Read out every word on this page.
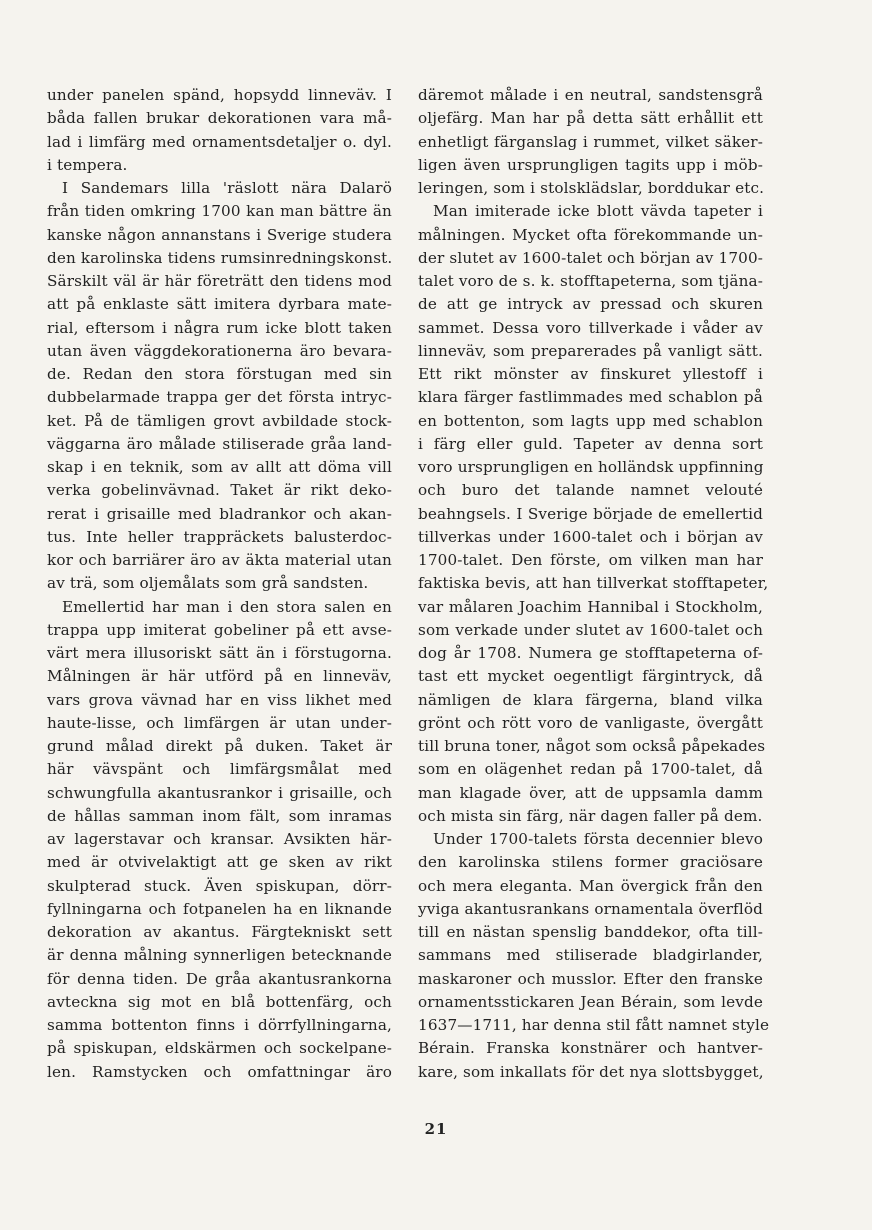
under panelen spänd, hopsydd linneväv. I
båda fallen brukar dekorationen vara må-
lad i limfärg med ornamentsdetaljer o. dyl.
i tempera.
I Sandemars lilla 'räslott nära Dalarö
från tiden omkring 1700 kan man bättre än
kanske någon annanstans i Sverige studera
den karolinska tidens rumsinredningskonst.
Särskilt väl är här företrätt den tidens mod
att på enklaste sätt imitera dyrbara mate-
rial, eftersom i några rum icke blott taken
utan även väggdekorationerna äro bevara-
de. Redan den stora förstugan med sin
dubbelarmade trappa ger det första intryc-
ket. På de tämligen grovt avbildade stock-
väggarna äro målade stiliserade gråa land-
skap i en teknik, som av allt att döma vill
verka gobelinvävnad. Taket är rikt deko-
rerat i grisaille med bladrankor och akan-
tus. Inte heller trappräckets balusterdoc-
kor och barriärer äro av äkta material utan
av trä, som oljemålats som grå sandsten.
Emellertid har man i den stora salen en
trappa upp imiterat gobeliner på ett avse-
värt mera illusoriskt sätt än i förstugorna.
Målningen är här utförd på en linneväv,
vars grova vävnad har en viss likhet med
haute-lisse, och limfärgen är utan under-
grund målad direkt på duken. Taket är
här vävspänt och limfärgsmålat med
schwungfulla akantusrankor i grisaille, och
de hållas samman inom fält, som inramas
av lagerstavar och kransar. Avsikten här-
med är otvivelaktigt att ge sken av rikt
skulpterad stuck. Även spiskupan, dörr-
fyllningarna och fotpanelen ha en liknande
dekoration av akantus. Färgtekniskt sett
är denna målning synnerligen betecknande
för denna tiden. De gråa akantusrankorna
avteckna sig mot en blå bottenfärg, och
samma bottenton finns i dörrfyllningarna,
på spiskupan, eldskärmen och sockelpane-
len. Ramstycken och omfattningar äro
däremot målade i en neutral, sandstensgrå
oljefärg. Man har på detta sätt erhållit ett
enhetligt färganslag i rummet, vilket säker-
ligen även ursprungligen tagits upp i möb-
leringen, som i stolsklädslar, borddukar etc.
Man imiterade icke blott vävda tapeter i
målningen. Mycket ofta förekommande un-
der slutet av 1600-talet och början av 1700-
talet voro de s. k. stofftapeterna, som tjäna-
de att ge intryck av pressad och skuren
sammet. Dessa voro tillverkade i våder av
linneväv, som preparerades på vanligt sätt.
Ett rikt mönster av finskuret yllestoff i
klara färger fastlimmades med schablon på
en bottenton, som lagts upp med schablon
i färg eller guld. Tapeter av denna sort
voro ursprungligen en holländsk uppfinning
och buro det talande namnet velouté
beahngsels. I Sverige började de emellertid
tillverkas under 1600-talet och i början av
1700-talet. Den förste, om vilken man har
faktiska bevis, att han tillverkat stofftapeter,
var målaren Joachim Hannibal i Stockholm,
som verkade under slutet av 1600-talet och
dog år 1708. Numera ge stofftapeterna of-
tast ett mycket oegentligt färgintryck, då
nämligen de klara färgerna, bland vilka
grönt och rött voro de vanligaste, övergått
till bruna toner, något som också påpekades
som en olägenhet redan på 1700-talet, då
man klagade över, att de uppsamla damm
och mista sin färg, när dagen faller på dem.
Under 1700-talets första decennier blevo
den karolinska stilens former graciösare
och mera eleganta. Man övergick från den
yviga akantusrankans ornamentala överflöd
till en nästan spenslig banddekor, ofta till-
sammans med stiliserade bladgirlander,
maskaroner och musslor. Efter den franske
ornamentsstickaren Jean Bérain, som levde
1637—1711, har denna stil fått namnet style
Bérain. Franska konstnärer och hantver-
kare, som inkallats för det nya slottsbygget,
21
